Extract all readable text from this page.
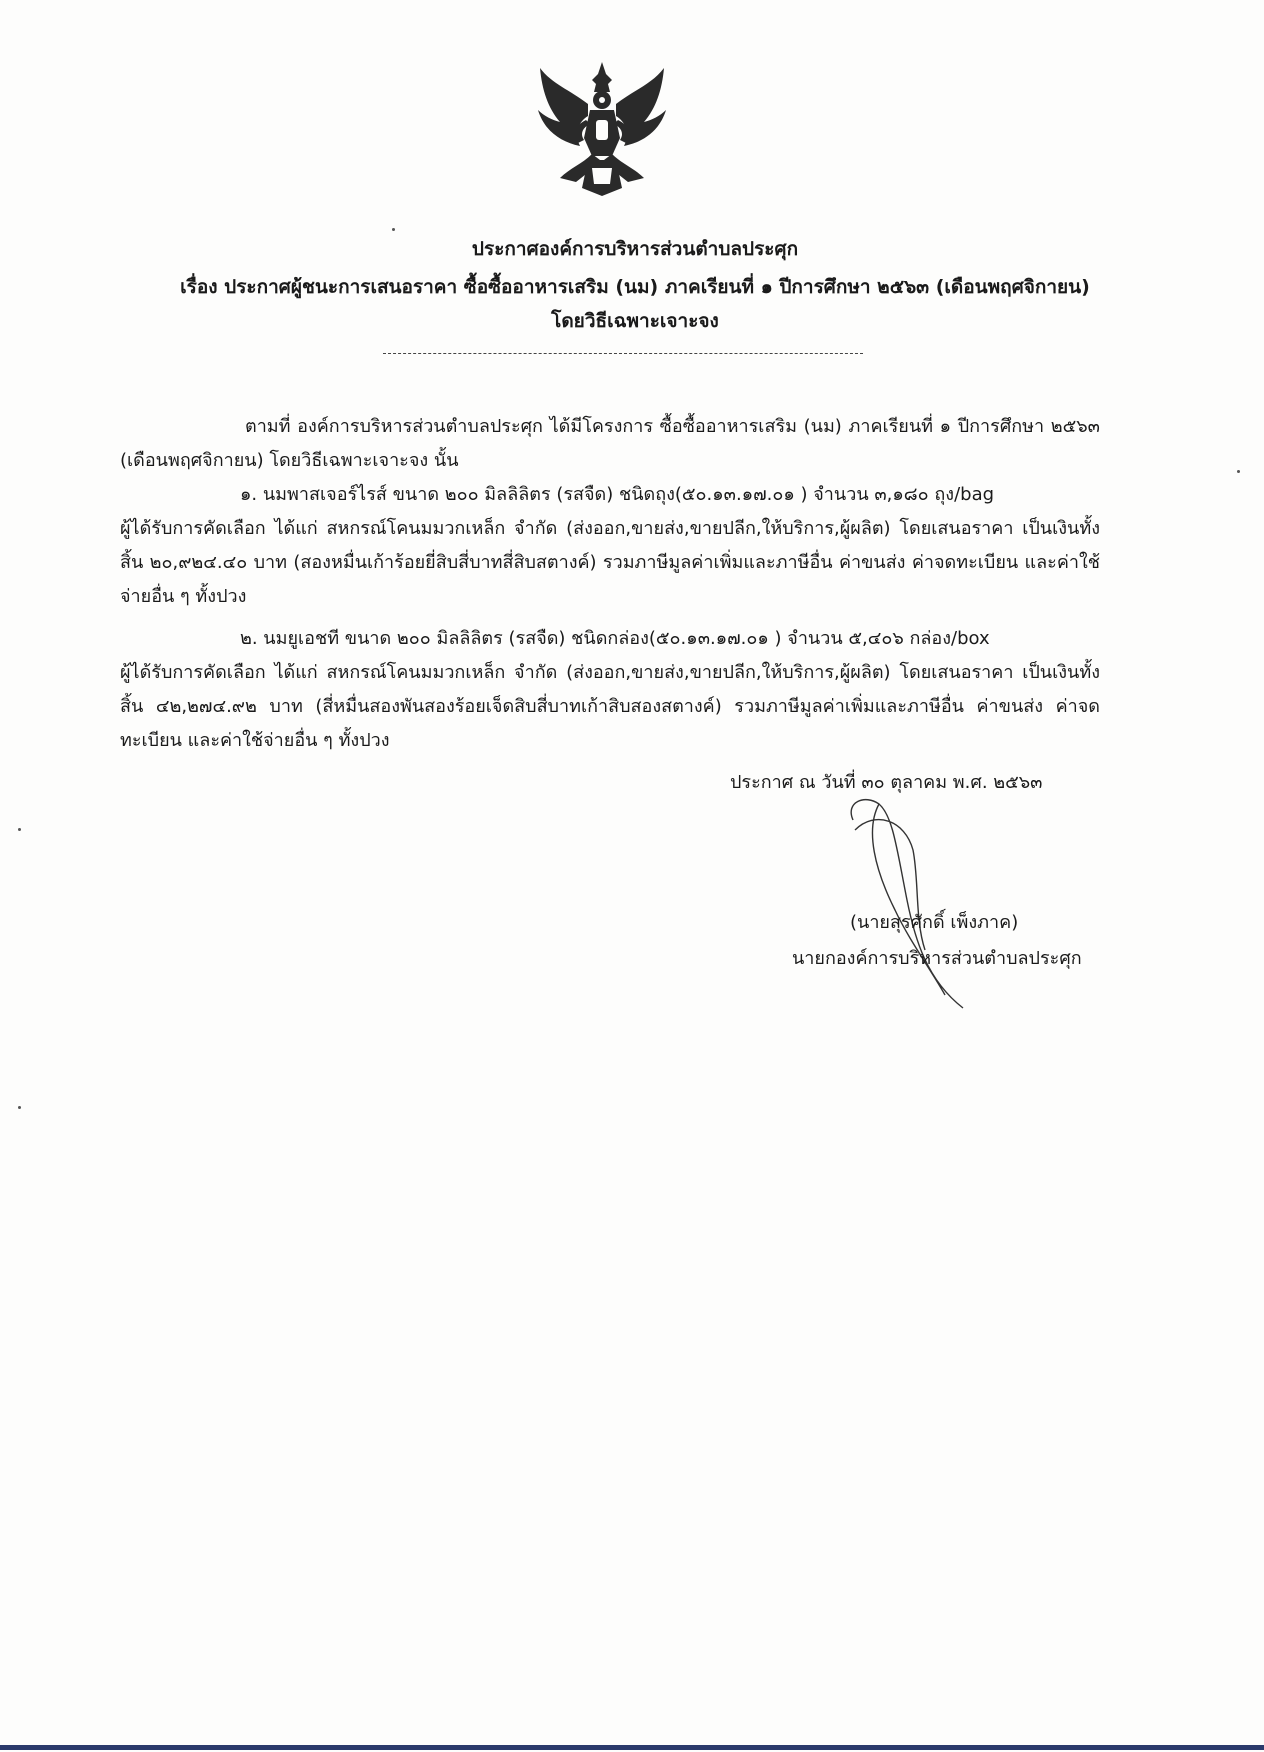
ประกาศองค์การบริหารส่วนตำบลประศุก
เรื่อง ประกาศผู้ชนะการเสนอราคา ซื้อซื้ออาหารเสริม (นม) ภาคเรียนที่ ๑ ปีการศึกษา ๒๕๖๓ (เดือนพฤศจิกายน)
โดยวิธีเฉพาะเจาะจง
ตามที่ องค์การบริหารส่วนตำบลประศุก ได้มีโครงการ ซื้อซื้ออาหารเสริม (นม) ภาคเรียนที่ ๑ ปีการศึกษา ๒๕๖๓ (เดือนพฤศจิกายน) โดยวิธีเฉพาะเจาะจง นั้น
๑. นมพาสเจอร์ไรส์ ขนาด ๒๐๐ มิลลิลิตร (รสจืด) ชนิดถุง(๕๐.๑๓.๑๗.๐๑ ) จำนวน ๓,๑๘๐ ถุง/bag
ผู้ได้รับการคัดเลือก ได้แก่ สหกรณ์โคนมมวกเหล็ก จำกัด (ส่งออก,ขายส่ง,ขายปลีก,ให้บริการ,ผู้ผลิต) โดยเสนอราคา เป็นเงินทั้งสิ้น ๒๐,๙๒๔.๔๐ บาท (สองหมื่นเก้าร้อยยี่สิบสี่บาทสี่สิบสตางค์) รวมภาษีมูลค่าเพิ่มและภาษีอื่น ค่าขนส่ง ค่าจดทะเบียน และค่าใช้จ่ายอื่น ๆ ทั้งปวง
๒. นมยูเอชที ขนาด ๒๐๐ มิลลิลิตร (รสจืด) ชนิดกล่อง(๕๐.๑๓.๑๗.๐๑ ) จำนวน ๕,๔๐๖ กล่อง/box
ผู้ได้รับการคัดเลือก ได้แก่ สหกรณ์โคนมมวกเหล็ก จำกัด (ส่งออก,ขายส่ง,ขายปลีก,ให้บริการ,ผู้ผลิต) โดยเสนอราคา เป็นเงินทั้งสิ้น ๔๒,๒๗๔.๙๒ บาท (สี่หมื่นสองพันสองร้อยเจ็ดสิบสี่บาทเก้าสิบสองสตางค์) รวมภาษีมูลค่าเพิ่มและภาษีอื่น ค่าขนส่ง ค่าจดทะเบียน และค่าใช้จ่ายอื่น ๆ ทั้งปวง
ประกาศ ณ วันที่ ๓๐ ตุลาคม พ.ศ. ๒๕๖๓
(นายสุรศักดิ์ เพ็งภาค)
นายกองค์การบริหารส่วนตำบลประศุก
